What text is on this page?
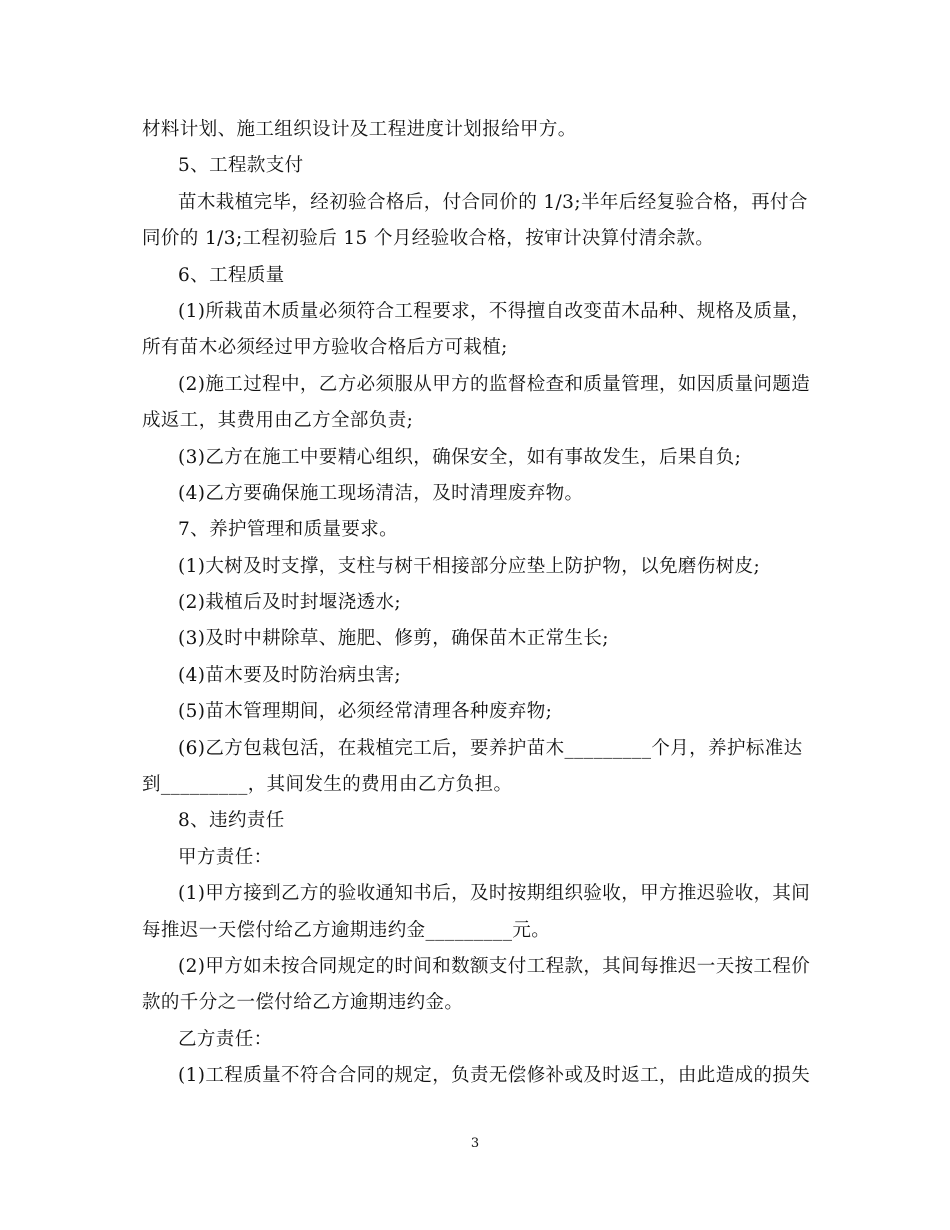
材料计划、施工组织设计及工程进度计划报给甲方。
5、工程款支付
苗木栽植完毕，经初验合格后，付合同价的 1/3;半年后经复验合格，再付合
同价的 1/3;工程初验后 15 个月经验收合格，按审计决算付清余款。
6、工程质量
(1)所栽苗木质量必须符合工程要求，不得擅自改变苗木品种、规格及质量，
所有苗木必须经过甲方验收合格后方可栽植;
(2)施工过程中，乙方必须服从甲方的监督检查和质量管理，如因质量问题造
成返工，其费用由乙方全部负责;
(3)乙方在施工中要精心组织，确保安全，如有事故发生，后果自负;
(4)乙方要确保施工现场清洁，及时清理废弃物。
7、养护管理和质量要求。
(1)大树及时支撑，支柱与树干相接部分应垫上防护物，以免磨伤树皮;
(2)栽植后及时封堰浇透水;
(3)及时中耕除草、施肥、修剪，确保苗木正常生长;
(4)苗木要及时防治病虫害;
(5)苗木管理期间，必须经常清理各种废弃物;
(6)乙方包栽包活，在栽植完工后，要养护苗木_________个月，养护标准达
到_________，其间发生的费用由乙方负担。
8、违约责任
甲方责任：
(1)甲方接到乙方的验收通知书后，及时按期组织验收，甲方推迟验收，其间
每推迟一天偿付给乙方逾期违约金_________元。
(2)甲方如未按合同规定的时间和数额支付工程款，其间每推迟一天按工程价
款的千分之一偿付给乙方逾期违约金。
乙方责任：
(1)工程质量不符合合同的规定，负责无偿修补或及时返工，由此造成的损失
3
